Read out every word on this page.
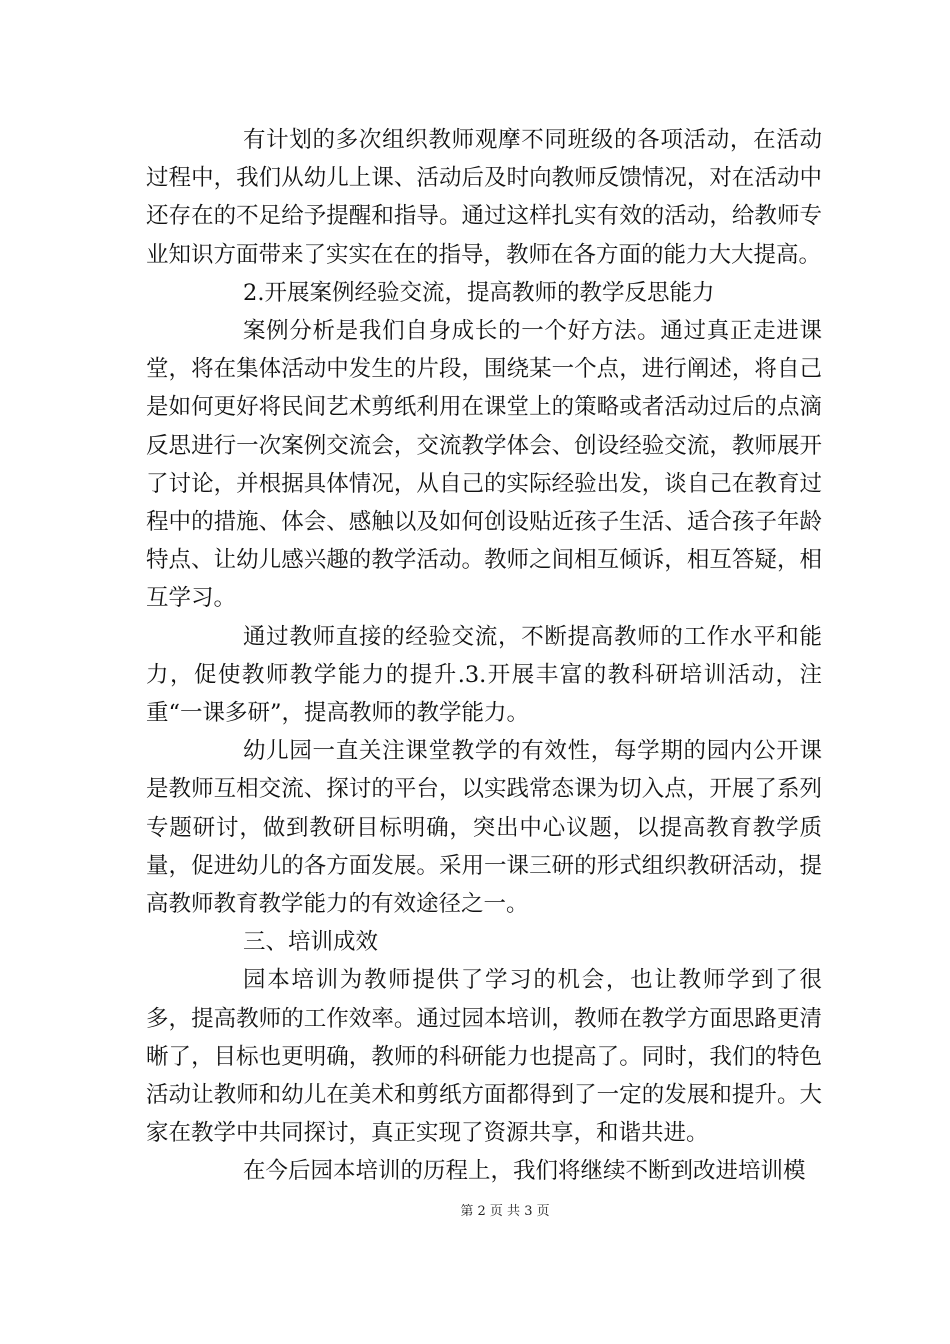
有计划的多次组织教师观摩不同班级的各项活动，在活动过程中，我们从幼儿上课、活动后及时向教师反馈情况，对在活动中还存在的不足给予提醒和指导。通过这样扎实有效的活动，给教师专业知识方面带来了实实在在的指导，教师在各方面的能力大大提高。

2.开展案例经验交流，提高教师的教学反思能力

案例分析是我们自身成长的一个好方法。通过真正走进课堂，将在集体活动中发生的片段，围绕某一个点，进行阐述，将自己是如何更好将民间艺术剪纸利用在课堂上的策略或者活动过后的点滴反思进行一次案例交流会，交流教学体会、创设经验交流，教师展开了讨论，并根据具体情况，从自己的实际经验出发，谈自己在教育过程中的措施、体会、感触以及如何创设贴近孩子生活、适合孩子年龄特点、让幼儿感兴趣的教学活动。教师之间相互倾诉，相互答疑，相互学习。

通过教师直接的经验交流，不断提高教师的工作水平和能力，促使教师教学能力的提升.3.开展丰富的教科研培训活动，注重“一课多研”，提高教师的教学能力。

幼儿园一直关注课堂教学的有效性，每学期的园内公开课是教师互相交流、探讨的平台，以实践常态课为切入点，开展了系列专题研讨，做到教研目标明确，突出中心议题，以提高教育教学质量，促进幼儿的各方面发展。采用一课三研的形式组织教研活动，提高教师教育教学能力的有效途径之一。

三、培训成效

园本培训为教师提供了学习的机会，也让教师学到了很多，提高教师的工作效率。通过园本培训，教师在教学方面思路更清晰了，目标也更明确，教师的科研能力也提高了。同时，我们的特色活动让教师和幼儿在美术和剪纸方面都得到了一定的发展和提升。大家在教学中共同探讨，真正实现了资源共享，和谐共进。

在今后园本培训的历程上，我们将继续不断到改进培训模

第 2 页 共 3 页
